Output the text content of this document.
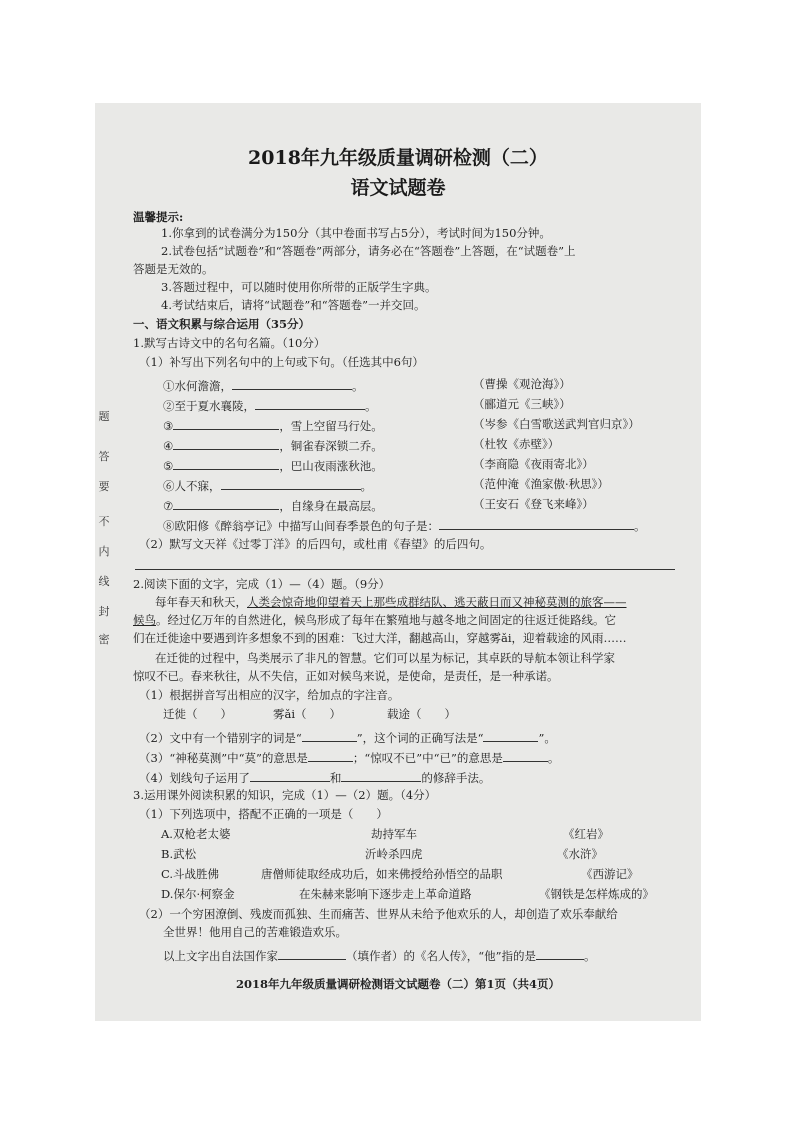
题
答
要
不
内
线
封
密
2018年九年级质量调研检测（二）
语文试题卷
温馨提示:
1.你拿到的试卷满分为150分（其中卷面书写占5分），考试时间为150分钟。
2.试卷包括“试题卷”和“答题卷”两部分，请务必在“答题卷”上答题，在“试题卷”上
答题是无效的。
3.答题过程中，可以随时使用你所带的正版学生字典。
4.考试结束后，请将“试题卷”和“答题卷”一并交回。
一、语文积累与综合运用（35分）
1.默写古诗文中的名句名篇。（10分）
（1）补写出下列名句中的上句或下句。（任选其中6句）
①水何澹澹，	。	（曹操《观沧海》）
②至于夏水襄陵，	。	（郦道元《三峡》）
③	，雪上空留马行处。	（岑参《白雪歌送武判官归京》）
④	，铜雀春深锁二乔。	（杜牧《赤壁》）
⑤	，巴山夜雨涨秋池。	（李商隐《夜雨寄北》）
⑥人不寐，	。	（范仲淹《渔家傲·秋思》）
⑦	，自缘身在最高层。	（王安石《登飞来峰》）
⑧欧阳修《醉翁亭记》中描写山间春季景色的句子是：	。
（2）默写文天祥《过零丁洋》的后四句，或杜甫《春望》的后四句。
2.阅读下面的文字，完成（1）—（4）题。（9分）
每年春天和秋天，人类会惊奇地仰望着天上那些成群结队、逃天蔽日而又神秘莫测的旅客——
候鸟。经过亿万年的自然进化，候鸟形成了每年在繁殖地与越冬地之间固定的往返迁徙路线。它
们在迁徙途中要遇到许多想象不到的困难：飞过大洋，翻越高山，穿越雾ǎi，迎着载途的风雨……
在迁徙的过程中，鸟类展示了非凡的智慧。它们可以星为标记，其卓跃的导航本领让科学家
惊叹不已。春来秋往，从不失信，正如对候鸟来说，是使命，是责任，是一种承诺。
（1）根据拼音写出相应的汉字，给加点的字注音。
迁徙（　　）	雾ǎi（　　）	载途（　　）
（2）文中有一个错别字的词是“	”，这个词的正确写法是“	”。
（3）“神秘莫测”中“莫”的意思是	；“惊叹不已”中“已”的意思是	。
（4）划线句子运用了	和	的修辞手法。
3.运用课外阅读积累的知识，完成（1）—（2）题。（4分）
（1）下列选项中，搭配不正确的一项是（　　）
A.双枪老太婆	劫持军车	《红岩》
B.武松	沂岭杀四虎	《水浒》
C.斗战胜佛	唐僧师徒取经成功后，如来佛授给孙悟空的品职	《西游记》
D.保尔·柯察金	在朱赫来影响下逐步走上革命道路	《钢铁是怎样炼成的》
（2）一个穷困潦倒、残废而孤独、生而痛苦、世界从未给予他欢乐的人，却创造了欢乐奉献给
全世界！他用自己的苦难锻造欢乐。
以上文字出自法国作家	（填作者）的《名人传》，“他”指的是	。
2018年九年级质量调研检测语文试题卷（二）第1页（共4页）
